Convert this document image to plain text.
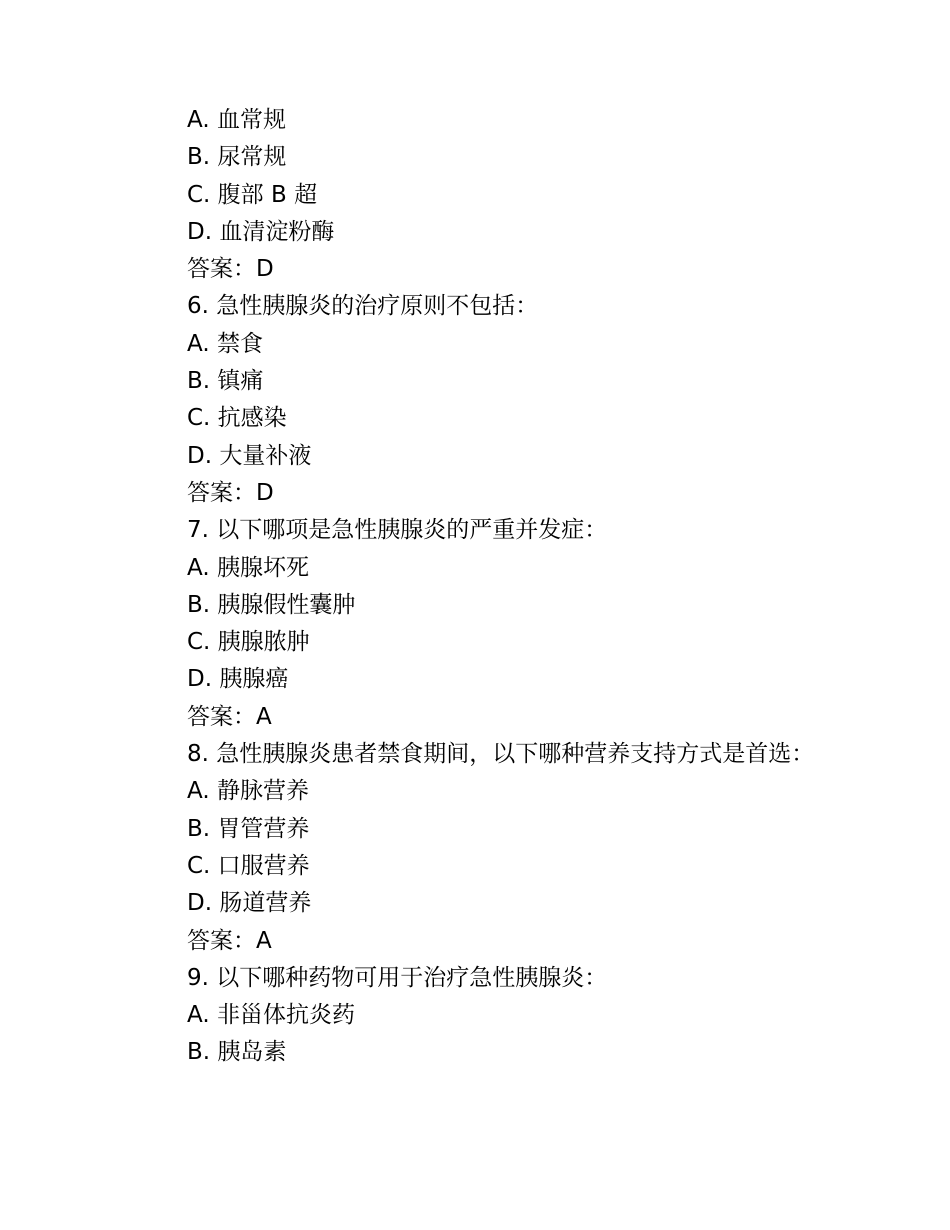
A. 血常规
B. 尿常规
C. 腹部 B 超
D. 血清淀粉酶
答案：D
6. 急性胰腺炎的治疗原则不包括：
A. 禁食
B. 镇痛
C. 抗感染
D. 大量补液
答案：D
7. 以下哪项是急性胰腺炎的严重并发症：
A. 胰腺坏死
B. 胰腺假性囊肿
C. 胰腺脓肿
D. 胰腺癌
答案：A
8. 急性胰腺炎患者禁食期间，以下哪种营养支持方式是首选：
A. 静脉营养
B. 胃管营养
C. 口服营养
D. 肠道营养
答案：A
9. 以下哪种药物可用于治疗急性胰腺炎：
A. 非甾体抗炎药
B. 胰岛素
